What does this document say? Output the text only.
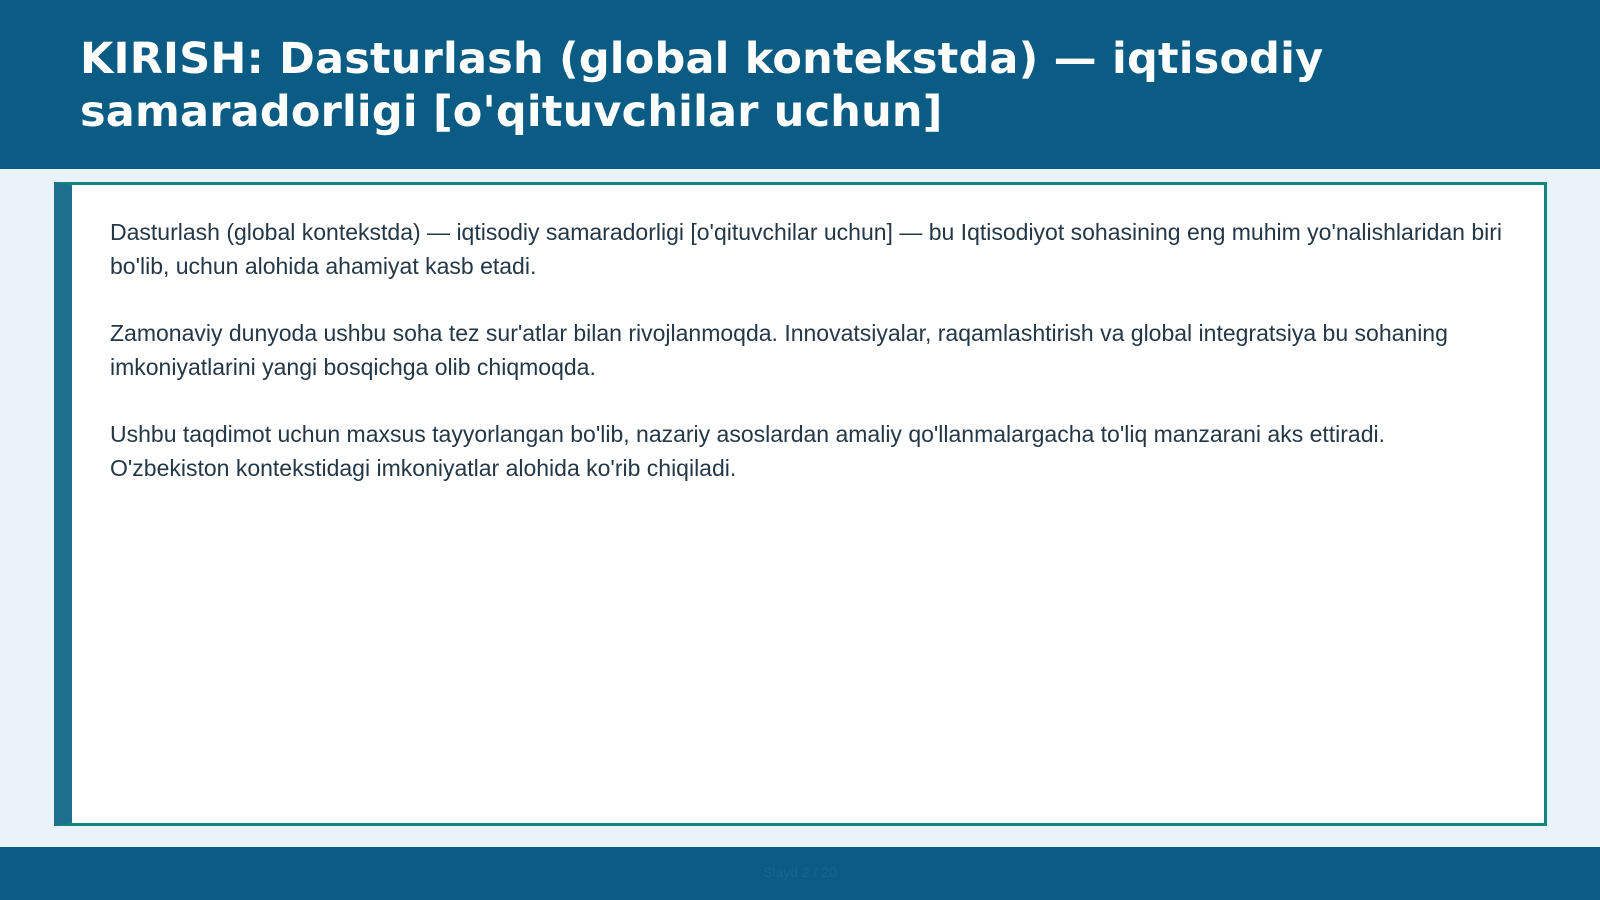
KIRISH: Dasturlash (global kontekstda) — iqtisodiy samaradorligi [o'qituvchilar uchun]

Dasturlash (global kontekstda) — iqtisodiy samaradorligi [o'qituvchilar uchun] — bu Iqtisodiyot sohasining eng muhim yo'nalishlaridan biri bo'lib, uchun alohida ahamiyat kasb etadi.

Zamonaviy dunyoda ushbu soha tez sur'atlar bilan rivojlanmoqda. Innovatsiyalar, raqamlashtirish va global integratsiya bu sohaning imkoniyatlarini yangi bosqichga olib chiqmoqda.

Ushbu taqdimot uchun maxsus tayyorlangan bo'lib, nazariy asoslardan amaliy qo'llanmalargacha to'liq manzarani aks ettiradi. O'zbekiston kontekstidagi imkoniyatlar alohida ko'rib chiqiladi.

Slayd 2 / 20
